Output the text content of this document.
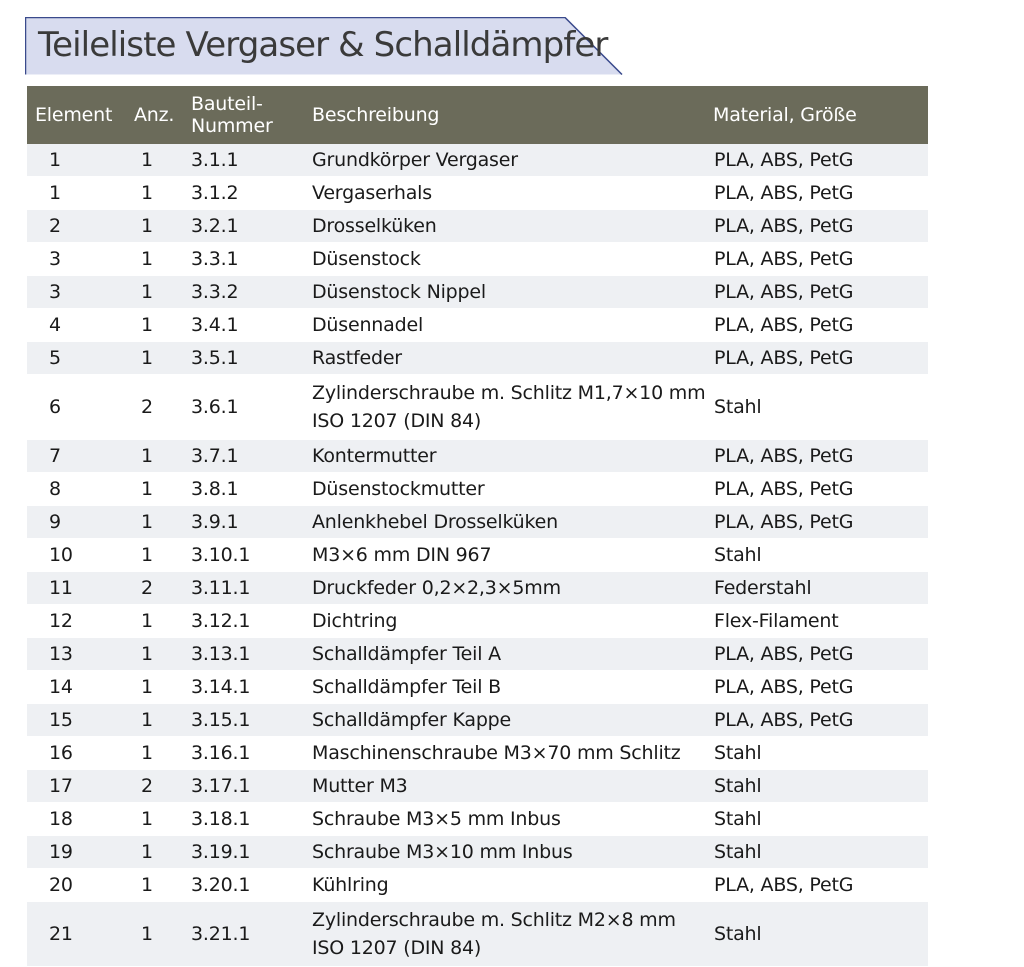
Teileliste Vergaser & Schalldämpfer
Element	Anz.	Bauteil-
Nummer	Beschreibung	Material, Größe
1	1	3.1.1	Grundkörper Vergaser	PLA, ABS, PetG
1	1	3.1.2	Vergaserhals	PLA, ABS, PetG
2	1	3.2.1	Drosselküken	PLA, ABS, PetG
3	1	3.3.1	Düsenstock	PLA, ABS, PetG
3	1	3.3.2	Düsenstock Nippel	PLA, ABS, PetG
4	1	3.4.1	Düsennadel	PLA, ABS, PetG
5	1	3.5.1	Rastfeder	PLA, ABS, PetG
6	2	3.6.1	Zylinderschraube m. Schlitz M1,7×10 mm
ISO 1207 (DIN 84)	Stahl
7	1	3.7.1	Kontermutter	PLA, ABS, PetG
8	1	3.8.1	Düsenstockmutter	PLA, ABS, PetG
9	1	3.9.1	Anlenkhebel Drosselküken	PLA, ABS, PetG
10	1	3.10.1	M3×6 mm DIN 967	Stahl
11	2	3.11.1	Druckfeder 0,2×2,3×5mm	Federstahl
12	1	3.12.1	Dichtring	Flex-Filament
13	1	3.13.1	Schalldämpfer Teil A	PLA, ABS, PetG
14	1	3.14.1	Schalldämpfer Teil B	PLA, ABS, PetG
15	1	3.15.1	Schalldämpfer Kappe	PLA, ABS, PetG
16	1	3.16.1	Maschinenschraube M3×70 mm Schlitz	Stahl
17	2	3.17.1	Mutter M3	Stahl
18	1	3.18.1	Schraube M3×5 mm Inbus	Stahl
19	1	3.19.1	Schraube M3×10 mm Inbus	Stahl
20	1	3.20.1	Kühlring	PLA, ABS, PetG
21	1	3.21.1	Zylinderschraube m. Schlitz M2×8 mm
ISO 1207 (DIN 84)	Stahl
